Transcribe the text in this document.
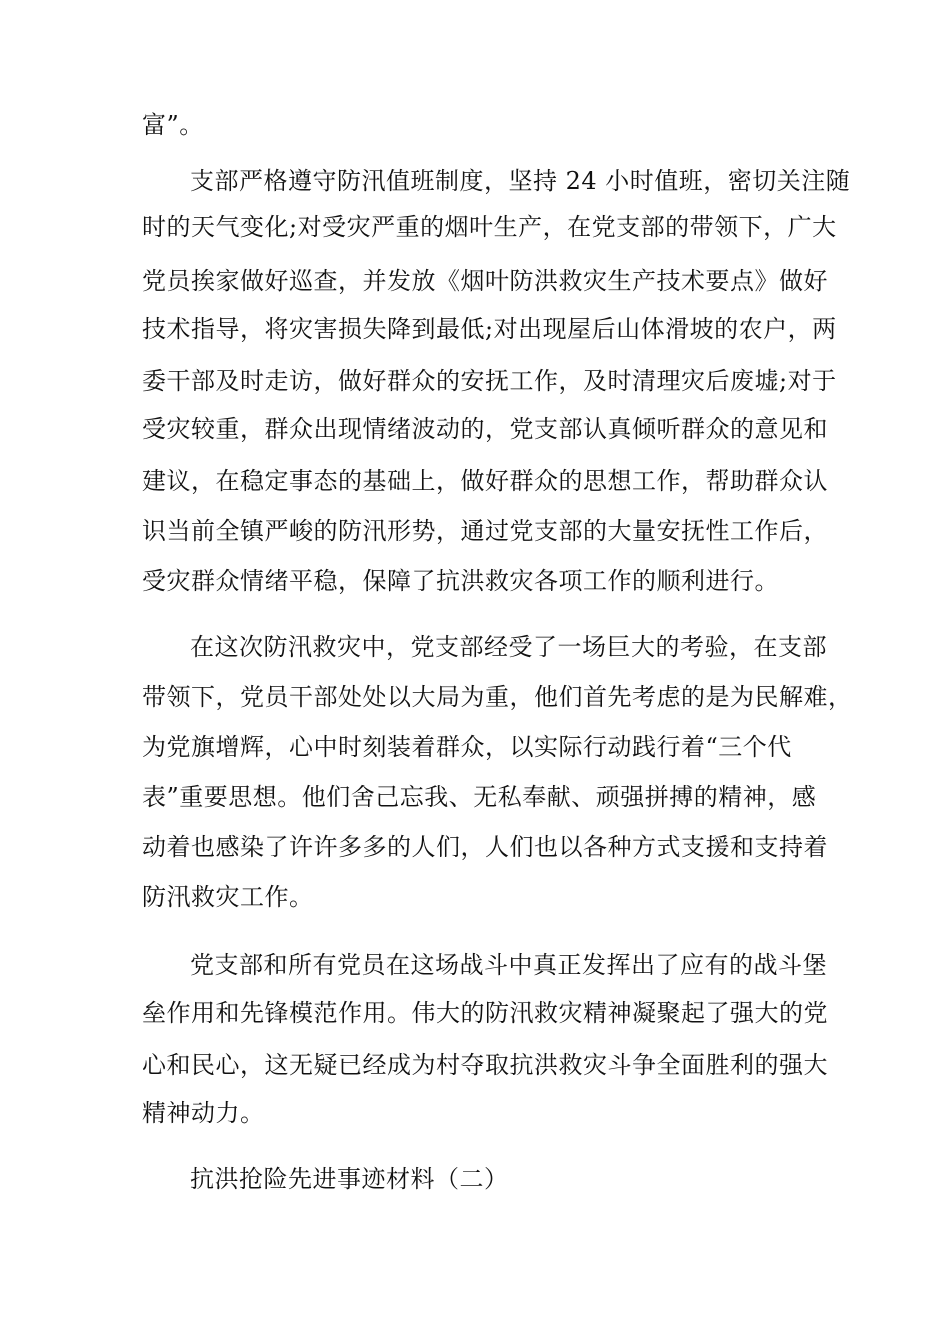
富”。
支部严格遵守防汛值班制度，坚持 24 小时值班，密切关注随
时的天气变化;对受灾严重的烟叶生产，在党支部的带领下，广大
党员挨家做好巡查，并发放《烟叶防洪救灾生产技术要点》做好
技术指导，将灾害损失降到最低;对出现屋后山体滑坡的农户，两
委干部及时走访，做好群众的安抚工作，及时清理灾后废墟;对于
受灾较重，群众出现情绪波动的，党支部认真倾听群众的意见和
建议，在稳定事态的基础上，做好群众的思想工作，帮助群众认
识当前全镇严峻的防汛形势，通过党支部的大量安抚性工作后，
受灾群众情绪平稳，保障了抗洪救灾各项工作的顺利进行。
在这次防汛救灾中，党支部经受了一场巨大的考验，在支部
带领下，党员干部处处以大局为重，他们首先考虑的是为民解难，
为党旗增辉，心中时刻装着群众，以实际行动践行着“三个代
表”重要思想。他们舍己忘我、无私奉献、顽强拼搏的精神，感
动着也感染了许许多多的人们，人们也以各种方式支援和支持着
防汛救灾工作。
党支部和所有党员在这场战斗中真正发挥出了应有的战斗堡
垒作用和先锋模范作用。伟大的防汛救灾精神凝聚起了强大的党
心和民心，这无疑已经成为村夺取抗洪救灾斗争全面胜利的强大
精神动力。
抗洪抢险先进事迹材料（二）
